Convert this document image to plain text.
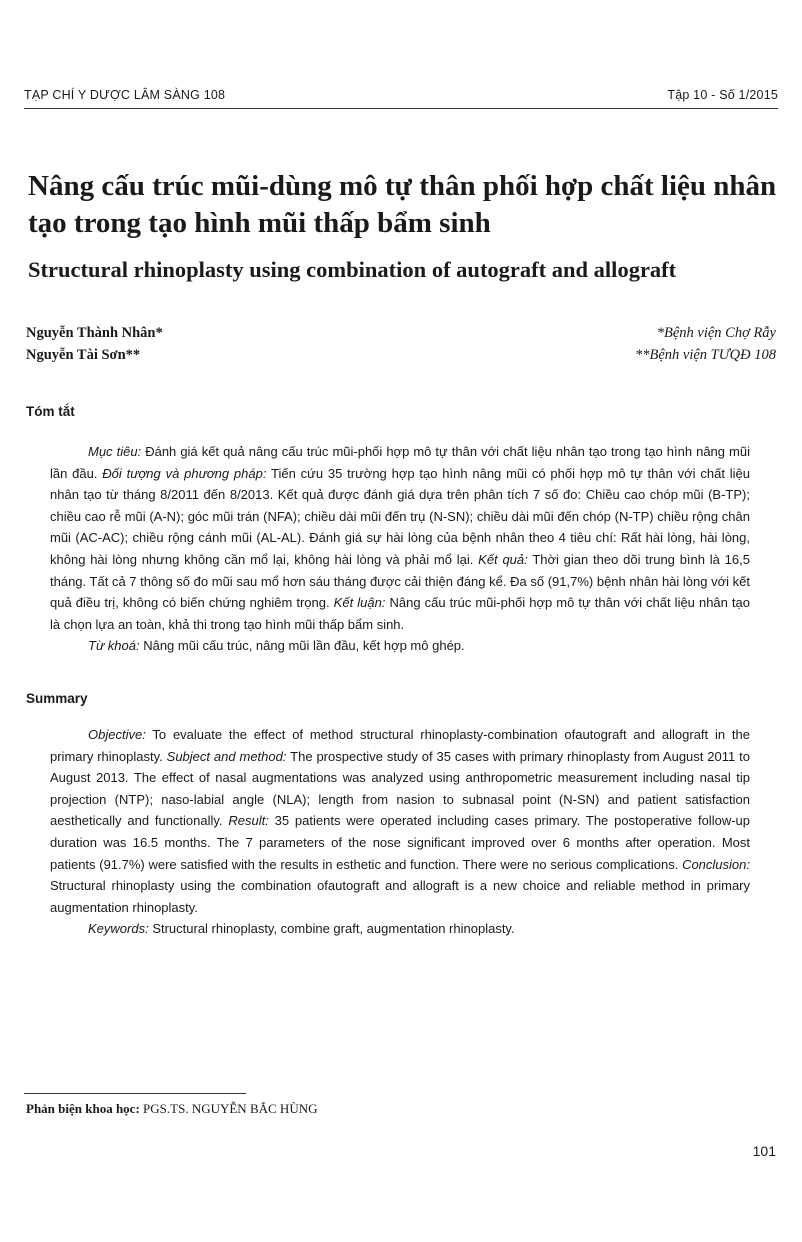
TẠP CHÍ Y DƯỢC LÂM SÀNG 108	Tập 10 - Số 1/2015
Nâng cấu trúc mũi-dùng mô tự thân phối hợp chất liệu nhân tạo trong tạo hình mũi thấp bẩm sinh
Structural rhinoplasty using combination of autograft and allograft
Nguyễn Thành Nhân*
Nguyễn Tài Sơn**
*Bệnh viện Chợ Rẫy
**Bệnh viện TƯQĐ 108
Tóm tắt

Mục tiêu: Đánh giá kết quả nâng cấu trúc mũi-phối hợp mô tự thân với chất liệu nhân tạo trong tạo hình nâng mũi lần đầu. Đối tượng và phương pháp: Tiến cứu 35 trường hợp tạo hình nâng mũi có phối hợp mô tự thân với chất liệu nhân tạo từ tháng 8/2011 đến 8/2013. Kết quả được đánh giá dựa trên phân tích 7 số đo: Chiều cao chóp mũi (B-TP); chiều cao rễ mũi (A-N); góc mũi trán (NFA); chiều dài mũi đến trụ (N-SN); chiều dài mũi đến chóp (N-TP) chiều rộng chân mũi (AC-AC); chiều rộng cánh mũi (AL-AL). Đánh giá sự hài lòng của bệnh nhân theo 4 tiêu chí: Rất hài lòng, hài lòng, không hài lòng nhưng không cần mổ lại, không hài lòng và phải mổ lại. Kết quả: Thời gian theo dõi trung bình là 16,5 tháng. Tất cả 7 thông số đo mũi sau mổ hơn sáu tháng được cải thiện đáng kể. Đa số (91,7%) bệnh nhân hài lòng với kết quả điều trị, không có biến chứng nghiêm trọng. Kết luận: Nâng cấu trúc mũi-phối hợp mô tự thân với chất liệu nhân tạo là chọn lựa an toàn, khả thi trong tạo hình mũi thấp bẩm sinh.

Từ khoá: Nâng mũi cấu trúc, nâng mũi lần đầu, kết hợp mô ghép.

Summary

Objective: To evaluate the effect of method structural rhinoplasty-combination ofautograft and allograft in the primary rhinoplasty. Subject and method: The prospective study of 35 cases with primary rhinoplasty from August 2011 to August 2013. The effect of nasal augmentations was analyzed using anthropometric measurement including nasal tip projection (NTP); naso-labial angle (NLA); length from nasion to subnasal point (N-SN) and patient satisfaction aesthetically and functionally. Result: 35 patients were operated including cases primary. The postoperative follow-up duration was 16.5 months. The 7 parameters of the nose significant improved over 6 months after operation. Most patients (91.7%) were satisfied with the results in esthetic and function. There were no serious complications. Conclusion: Structural rhinoplasty using the combination ofautograft and allograft is a new choice and reliable method in primary augmentation rhinoplasty.

Keywords: Structural rhinoplasty, combine graft, augmentation rhinoplasty.

Phản biện khoa học: PGS.TS. NGUYỄN BẮC HÙNG
101
